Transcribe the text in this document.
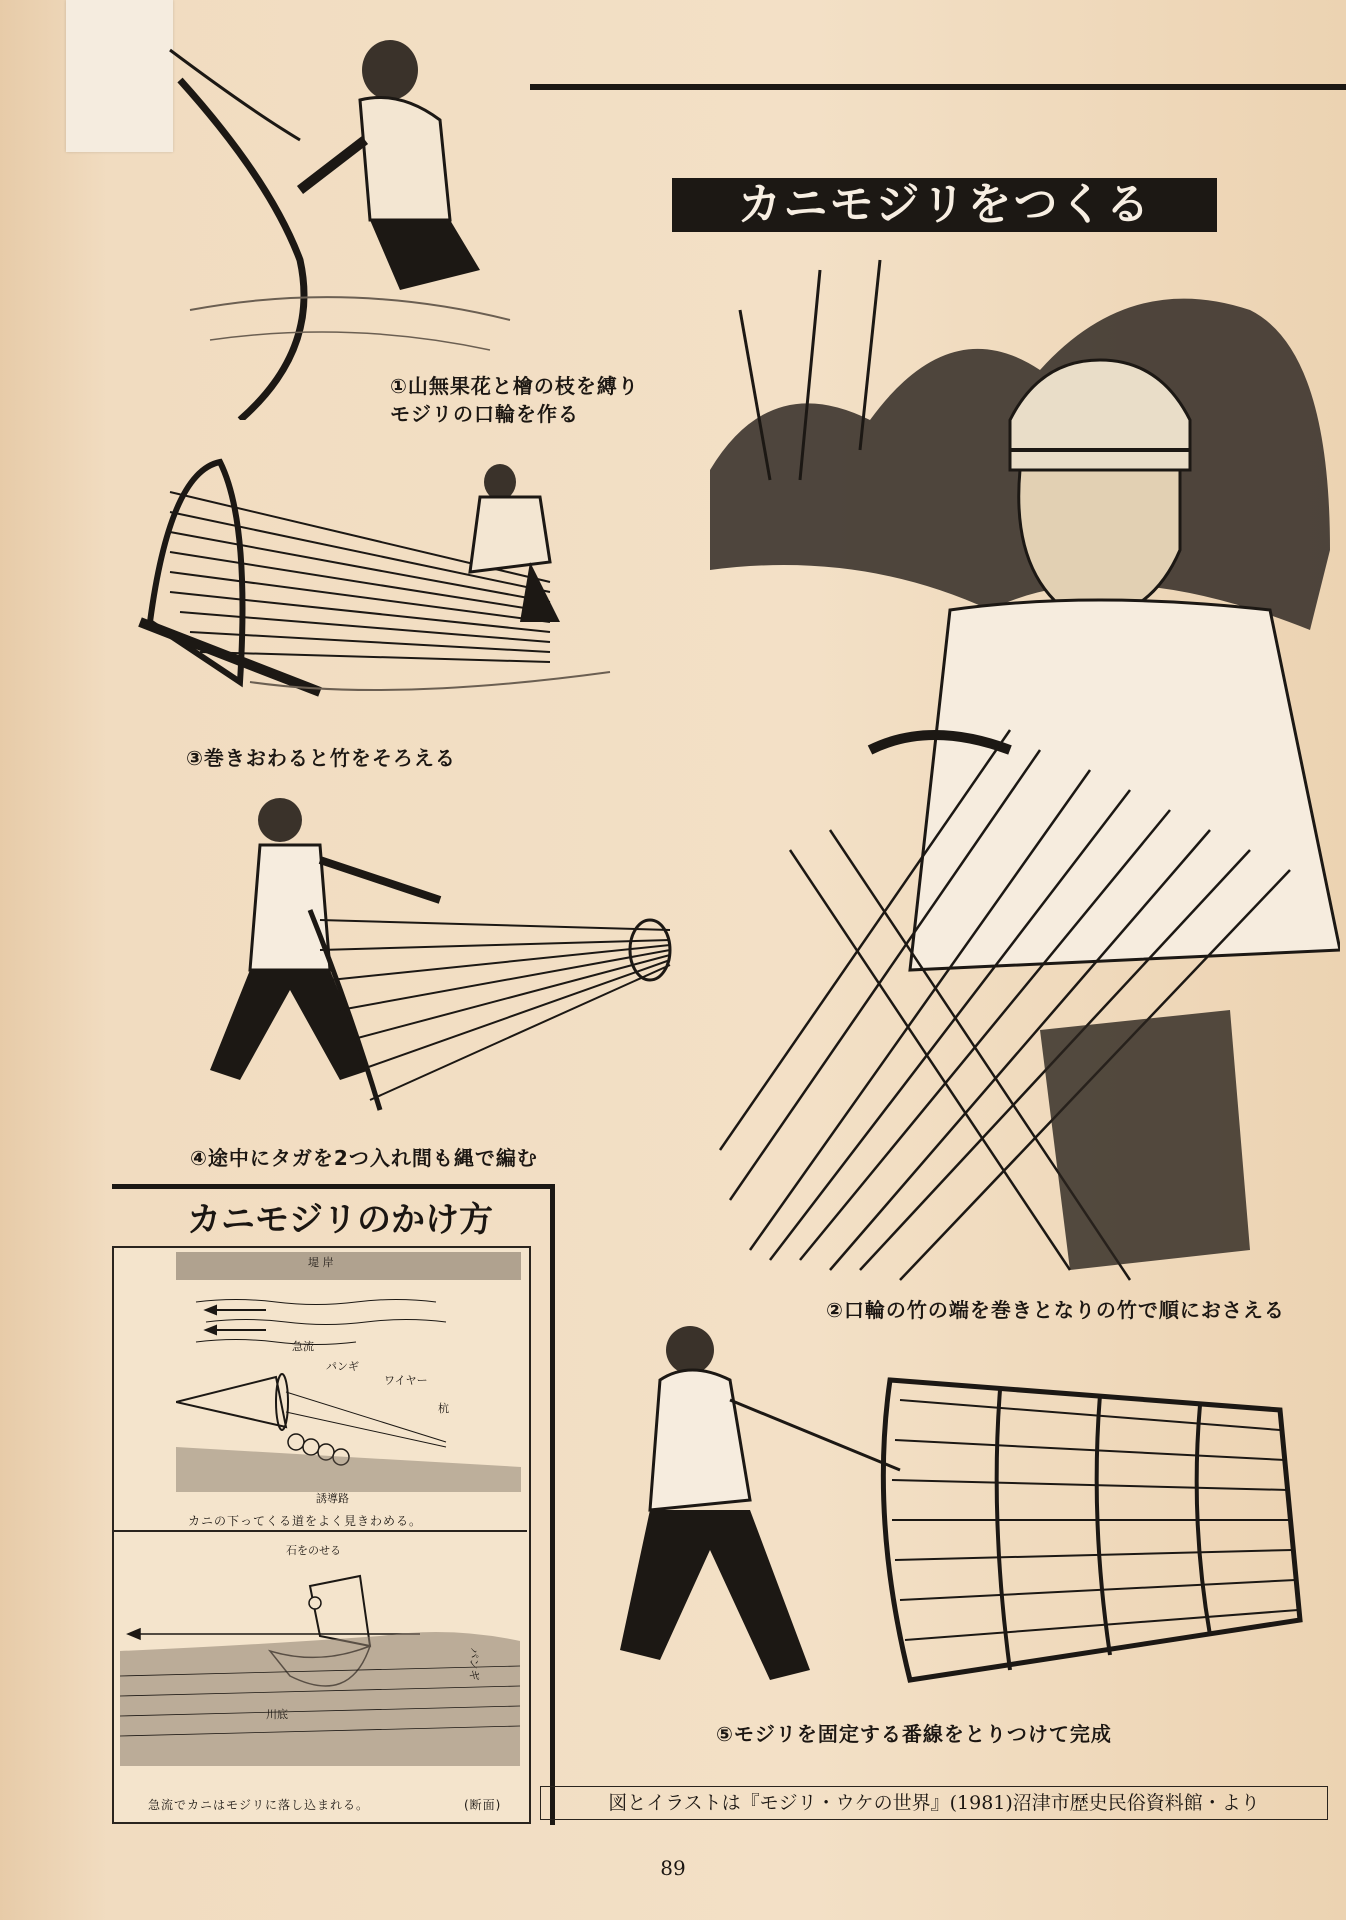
カニモジリをつくる
①山無果花と檜の枝を縛り
モジリの口輪を作る
③巻きおわると竹をそろえる
④途中にタガを2つ入れ間も縄で編む
②口輪の竹の端を巻きとなりの竹で順におさえる
⑤モジリを固定する番線をとりつけて完成
カニモジリのかけ方
堤 岸
急流
パンギ
ワイヤー
杭
誘導路
カニの下ってくる道をよく見きわめる。
石をのせる
パンギ
川底
急流でカニはモジリに落し込まれる。	(断面)	図とイラストは『モジリ・ウケの世界』(1981)沼津市歴史民俗資料館・より
89
